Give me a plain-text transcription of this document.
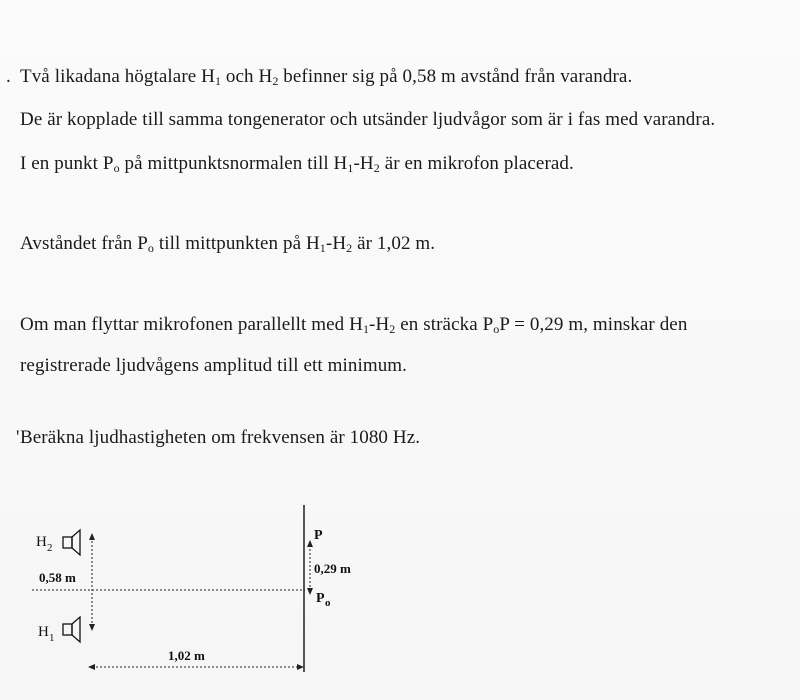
. Två likadana högtalare $H_1$ och $H_2$ befinner sig på 0,58 m avstånd från varandra.
De är kopplade till samma tongenerator och utsänder ljudvågor som är i fas med varandra.
I en punkt $P_o$ på mittpunktsnormalen till $H_1-H_2$ är en mikrofon placerad.
Avståndet från $P_o$ till mittpunkten på $H_1-H_2$ är 1,02 m.
Om man flyttar mikrofonen parallellt med $H_1-H_2$ en sträcka $P_oP = 0,29$ m, minskar den
registrerade ljudvågens amplitud till ett minimum.
' Beräkna ljudhastigheten om frekvensen är 1080 Hz.
H 2
H 1
0,58 m
P
0,29 m
P o
1,02 m
